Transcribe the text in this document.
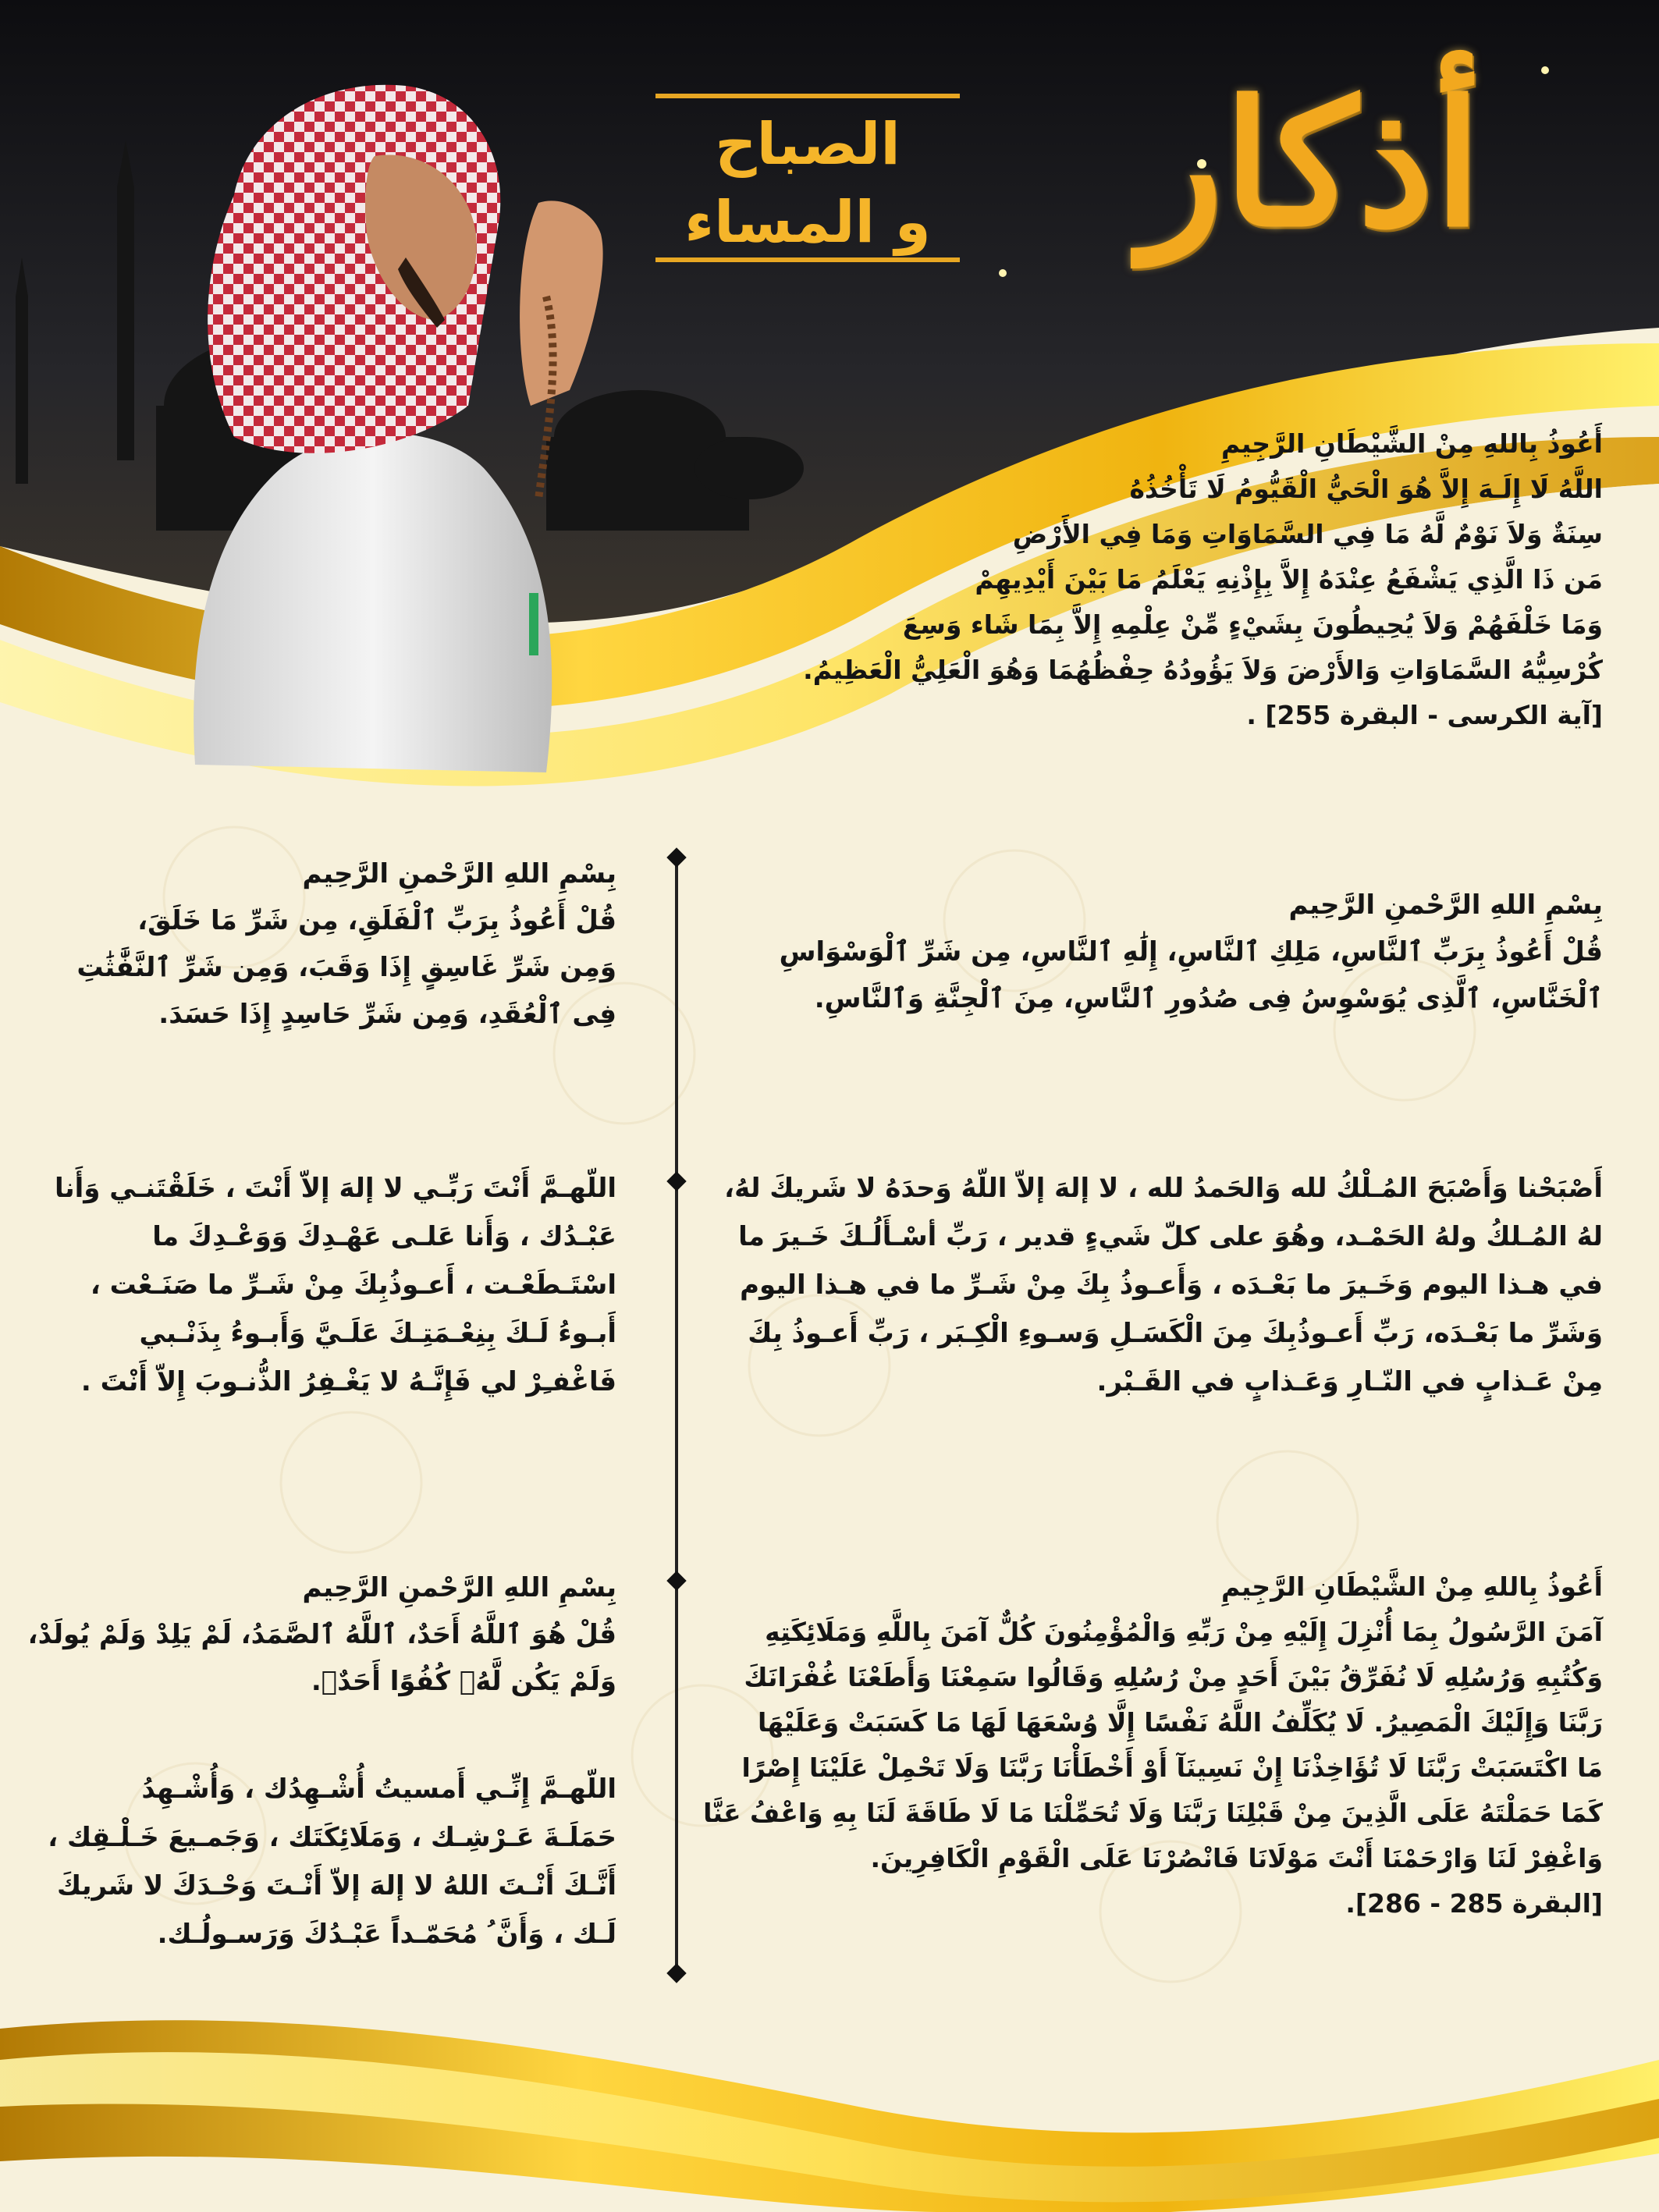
أذكار
الصباح
و المساء
أَعُوذُ بِاللهِ مِنْ الشَّيْطَانِ الرَّجِيمِ
اللَّهُ لَا إِلَـهَ إِلاَّ هُوَ الْحَيُّ الْقَيُّومُ لَا تَأْخُذُهُ
سِنَةٌ وَلاَ نَوْمٌ لَّهُ مَا فِي السَّمَاوَاتِ وَمَا فِي الأَرْضِ
مَن ذَا الَّذِي يَشْفَعُ عِنْدَهُ إِلاَّ بِإِذْنِهِ يَعْلَمُ مَا بَيْنَ أَيْدِيهِمْ
وَمَا خَلْفَهُمْ وَلاَ يُحِيطُونَ بِشَيْءٍ مِّنْ عِلْمِهِ إِلاَّ بِمَا شَاء وَسِعَ
كُرْسِيُّهُ السَّمَاوَاتِ وَالأَرْضَ وَلاَ يَؤُودُهُ حِفْظُهُمَا وَهُوَ الْعَلِيُّ الْعَظِيمُ.
[آية الكرسى - البقرة 255] .
بِسْمِ اللهِ الرَّحْمنِ الرَّحِيم
قُلْ أَعُوذُ بِرَبِّ ٱلنَّاسِ، مَلِكِ ٱلنَّاسِ، إِلَٰهِ ٱلنَّاسِ، مِن شَرِّ ٱلْوَسْوَاسِ
ٱلْخَنَّاسِ، ٱلَّذِى يُوَسْوِسُ فِى صُدُورِ ٱلنَّاسِ، مِنَ ٱلْجِنَّةِ وَٱلنَّاسِ.
بِسْمِ اللهِ الرَّحْمنِ الرَّحِيم
قُلْ أَعُوذُ بِرَبِّ ٱلْفَلَقِ، مِن شَرِّ مَا خَلَقَ،
وَمِن شَرِّ غَاسِقٍ إِذَا وَقَبَ، وَمِن شَرِّ ٱلنَّفَّٰثَٰتِ
فِى ٱلْعُقَدِ، وَمِن شَرِّ حَاسِدٍ إِذَا حَسَدَ.
أَصْبَحْنا وَأَصْبَحَ المُـلْكُ لله وَالحَمدُ لله ، لا إلهَ إلاّ اللّهُ وَحدَهُ لا شَريكَ لهُ،
لهُ المُـلكُ ولهُ الحَمْـد، وهُوَ على كلّ شَيءٍ قدير ، رَبِّ أسْـأَلُـكَ خَـيرَ ما
في هـذا اليوم وَخَـيرَ ما بَعْـدَه ، وَأَعـوذُ بِكَ مِنْ شَـرِّ ما في هـذا اليوم
وَشَرِّ ما بَعْـدَه، رَبِّ أَعـوذُبِكَ مِنَ الْكَسَـلِ وَسـوءِ الْكِـبَر ، رَبِّ أَعـوذُ بِكَ
مِنْ عَـذابٍ في النّـارِ وَعَـذابٍ في القَـبْر.
اللّهـمَّ أَنْتَ رَبِّـي لا إلهَ إلاّ أَنْتَ ، خَلَقْتَنـي وَأَنا
عَبْـدُك ، وَأَنا عَلـى عَهْـدِكَ وَوَعْـدِكَ ما
اسْتَـطَعْـت ، أَعـوذُبِكَ مِنْ شَـرِّ ما صَنَـعْت ،
أَبـوءُ لَـكَ بِنِعْـمَتِـكَ عَلَـيَّ وَأَبـوءُ بِذَنْـبي
فَاغْفـِرْ لي فَإِنَّـهُ لا يَغْـفِرُ الذُّنـوبَ إِلاّ أَنْتَ .
بِسْمِ اللهِ الرَّحْمنِ الرَّحِيم
قُلْ هُوَ ٱللَّهُ أَحَدٌ، ٱللَّهُ ٱلصَّمَدُ، لَمْ يَلِدْ وَلَمْ يُولَدْ،
وَلَمْ يَكُن لَّهُۥ كُفُوًا أَحَدٌۢ.
اللّهـمَّ إِنِّـي أَمسيتُ أُشْـهِدُك ، وَأُشْـهِدُ
حَمَلَـةَ عَـرْشِـك ، وَمَلَائِكَتَك ، وَجَمـيعَ خَـلْـقِك ،
أَنَّـكَ أَنْـتَ اللهُ لا إلهَ إلاّ أَنْـتَ وَحْـدَكَ لا شَريكَ
لَـك ، وَأَنَّ ُ مُحَمّـداً عَبْـدُكَ وَرَسـولُـك.
أَعُوذُ بِاللهِ مِنْ الشَّيْطَانِ الرَّجِيمِ
آمَنَ الرَّسُولُ بِمَا أُنْزِلَ إِلَيْهِ مِنْ رَبِّهِ وَالْمُؤْمِنُونَ كُلٌّ آمَنَ بِاللَّهِ وَمَلَائِكَتِهِ
وَكُتُبِهِ وَرُسُلِهِ لَا نُفَرِّقُ بَيْنَ أَحَدٍ مِنْ رُسُلِهِ وَقَالُوا سَمِعْنَا وَأَطَعْنَا غُفْرَانَكَ
رَبَّنَا وَإِلَيْكَ الْمَصِيرُ. لَا يُكَلِّفُ اللَّهُ نَفْسًا إِلَّا وُسْعَهَا لَهَا مَا كَسَبَتْ وَعَلَيْهَا
مَا اكْتَسَبَتْ رَبَّنَا لَا تُؤَاخِذْنَا إِنْ نَسِينَآ أَوْ أَخْطَأْنَا رَبَّنَا وَلَا تَحْمِلْ عَلَيْنَا إِصْرًا
كَمَا حَمَلْتَهُ عَلَى الَّذِينَ مِنْ قَبْلِنَا رَبَّنَا وَلَا تُحَمِّلْنَا مَا لَا طَاقَةَ لَنَا بِهِ وَاعْفُ عَنَّا
وَاغْفِرْ لَنَا وَارْحَمْنَا أَنْتَ مَوْلَانَا فَانْصُرْنَا عَلَى الْقَوْمِ الْكَافِرِينَ.
[البقرة 285 - 286].
